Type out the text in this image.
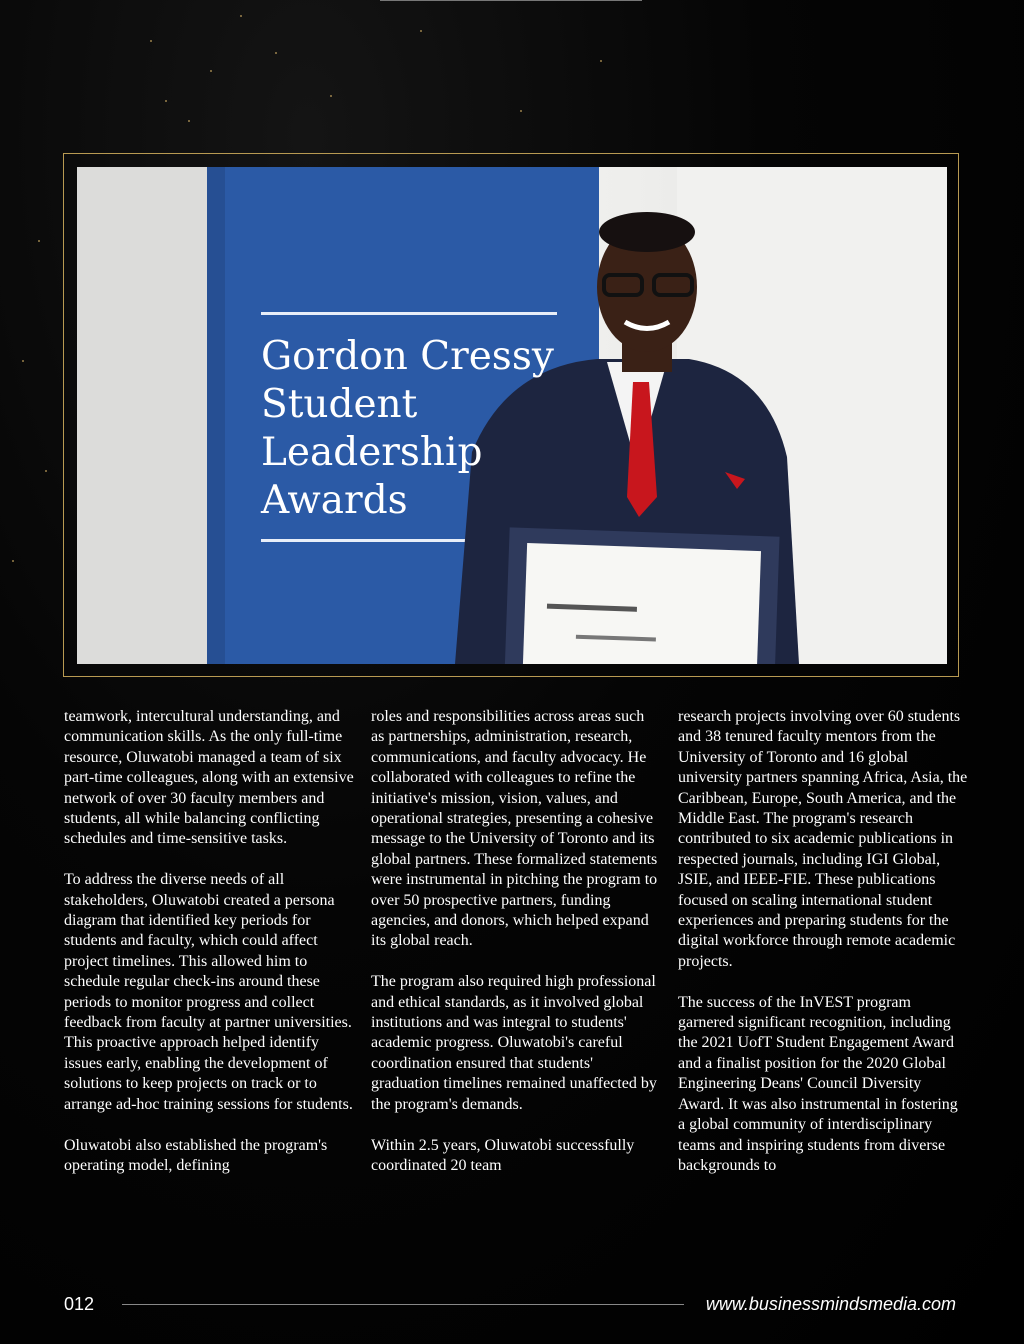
Gordon Cressy
Student
Leadership
Awards

teamwork, intercultural understanding, and communication skills. As the only full-time resource, Oluwatobi managed a team of six part-time colleagues, along with an extensive network of over 30 faculty members and students, all while balancing conflicting schedules and time-sensitive tasks.

To address the diverse needs of all stakeholders, Oluwatobi created a persona diagram that identified key periods for students and faculty, which could affect project timelines. This allowed him to schedule regular check-ins around these periods to monitor progress and collect feedback from faculty at partner universities. This proactive approach helped identify issues early, enabling the development of solutions to keep projects on track or to arrange ad-hoc training sessions for students.

Oluwatobi also established the program's operating model, defining

roles and responsibilities across areas such as partnerships, administration, research, communications, and faculty advocacy. He collaborated with colleagues to refine the initiative's mission, vision, values, and operational strategies, presenting a cohesive message to the University of Toronto and its global partners. These formalized statements were instrumental in pitching the program to over 50 prospective partners, funding agencies, and donors, which helped expand its global reach.

The program also required high professional and ethical standards, as it involved global institutions and was integral to students' academic progress. Oluwatobi's careful coordination ensured that students' graduation timelines remained unaffected by the program's demands.

Within 2.5 years, Oluwatobi successfully coordinated 20 team

research projects involving over 60 students and 38 tenured faculty mentors from the University of Toronto and 16 global university partners spanning Africa, Asia, the Caribbean, Europe, South America, and the Middle East. The program's research contributed to six academic publications in respected journals, including IGI Global, JSIE, and IEEE-FIE. These publications focused on scaling international student experiences and preparing students for the digital workforce through remote academic projects.

The success of the InVEST program garnered significant recognition, including the 2021 UofT Student Engagement Award and a finalist position for the 2020 Global Engineering Deans' Council Diversity Award. It was also instrumental in fostering a global community of interdisciplinary teams and inspiring students from diverse backgrounds to

012	www.businessmindsmedia.com
